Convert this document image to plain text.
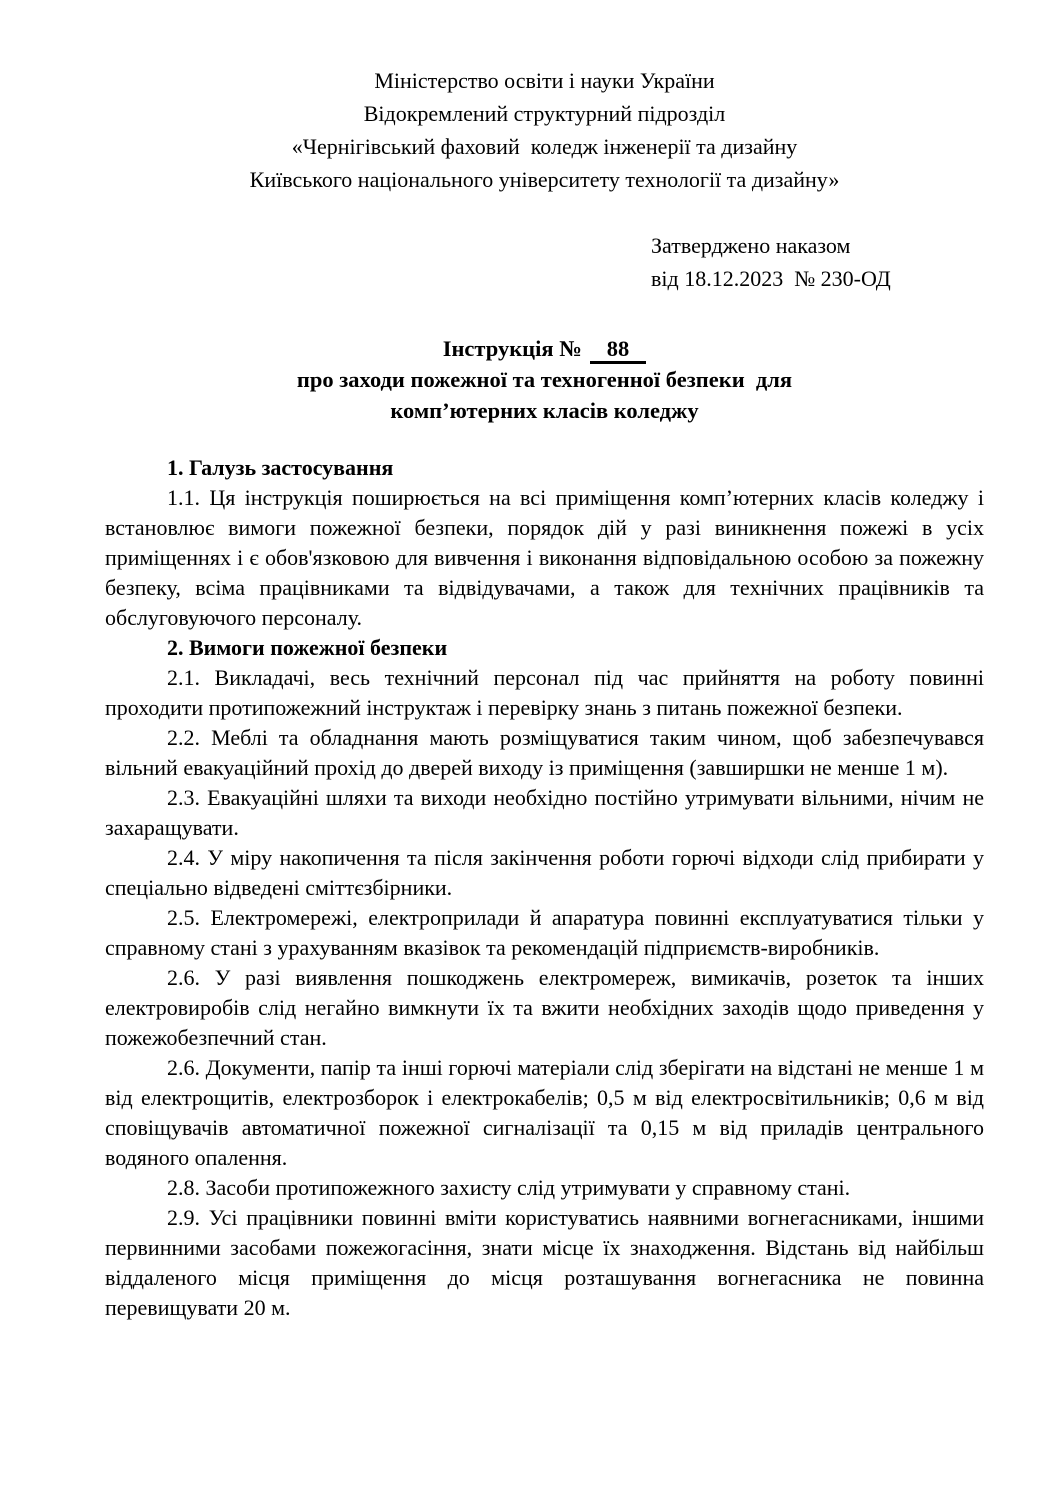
Міністерство освіти і науки України
Відокремлений структурний підрозділ
«Чернігівський фаховий  коледж інженерії та дизайну
Київського національного університету технології та дизайну»
Затверджено наказом
від 18.12.2023  № 230-ОД
Інструкція № 88
про заходи пожежної та техногенної безпеки  для
комп’ютерних класів коледжу

1. Галузь застосування

1.1. Ця інструкція поширюється на всі приміщення комп’ютерних класів коледжу і встановлює вимоги пожежної безпеки, порядок дій у разі виникнення пожежі в усіх приміщеннях і є обов'язковою для вивчення і виконання відповідальною особою за пожежну безпеку, всіма працівниками та відвідувачами, а також для технічних працівників та обслуговуючого персоналу.

2. Вимоги пожежної безпеки

2.1. Викладачі, весь технічний персонал під час прийняття на роботу повинні проходити протипожежний інструктаж і перевірку знань з питань пожежної безпеки.

2.2. Меблі та обладнання мають розміщуватися таким чином, щоб забезпечувався вільний евакуаційний прохід до дверей виходу із приміщення (завширшки не менше 1 м).

2.3. Евакуаційні шляхи та виходи необхідно постійно утримувати вільними, нічим не захаращувати.

2.4. У міру накопичення та після закінчення роботи горючі відходи слід прибирати у спеціально відведені сміттєзбірники.

2.5. Електромережі, електроприлади й апаратура повинні експлуатуватися тільки у справному стані з урахуванням вказівок та рекомендацій підприємств-виробників.

2.6. У разі виявлення пошкоджень електромереж, вимикачів, розеток та інших електровиробів слід негайно вимкнути їх та вжити необхідних заходів щодо приведення у пожежобезпечний стан.

2.6. Документи, папір та інші горючі матеріали слід зберігати на відстані не менше 1 м від електрощитів, електрозборок і електрокабелів; 0,5 м від електросвітильників; 0,6 м від сповіщувачів автоматичної пожежної сигналізації та 0,15 м від приладів центрального водяного опалення.

2.8. Засоби протипожежного захисту слід утримувати у справному стані.

2.9. Усі працівники повинні вміти користуватись наявними вогнегасниками, іншими первинними засобами пожежогасіння, знати місце їх знаходження. Відстань від найбільш віддаленого місця приміщення до місця розташування вогнегасника не повинна перевищувати 20 м.
